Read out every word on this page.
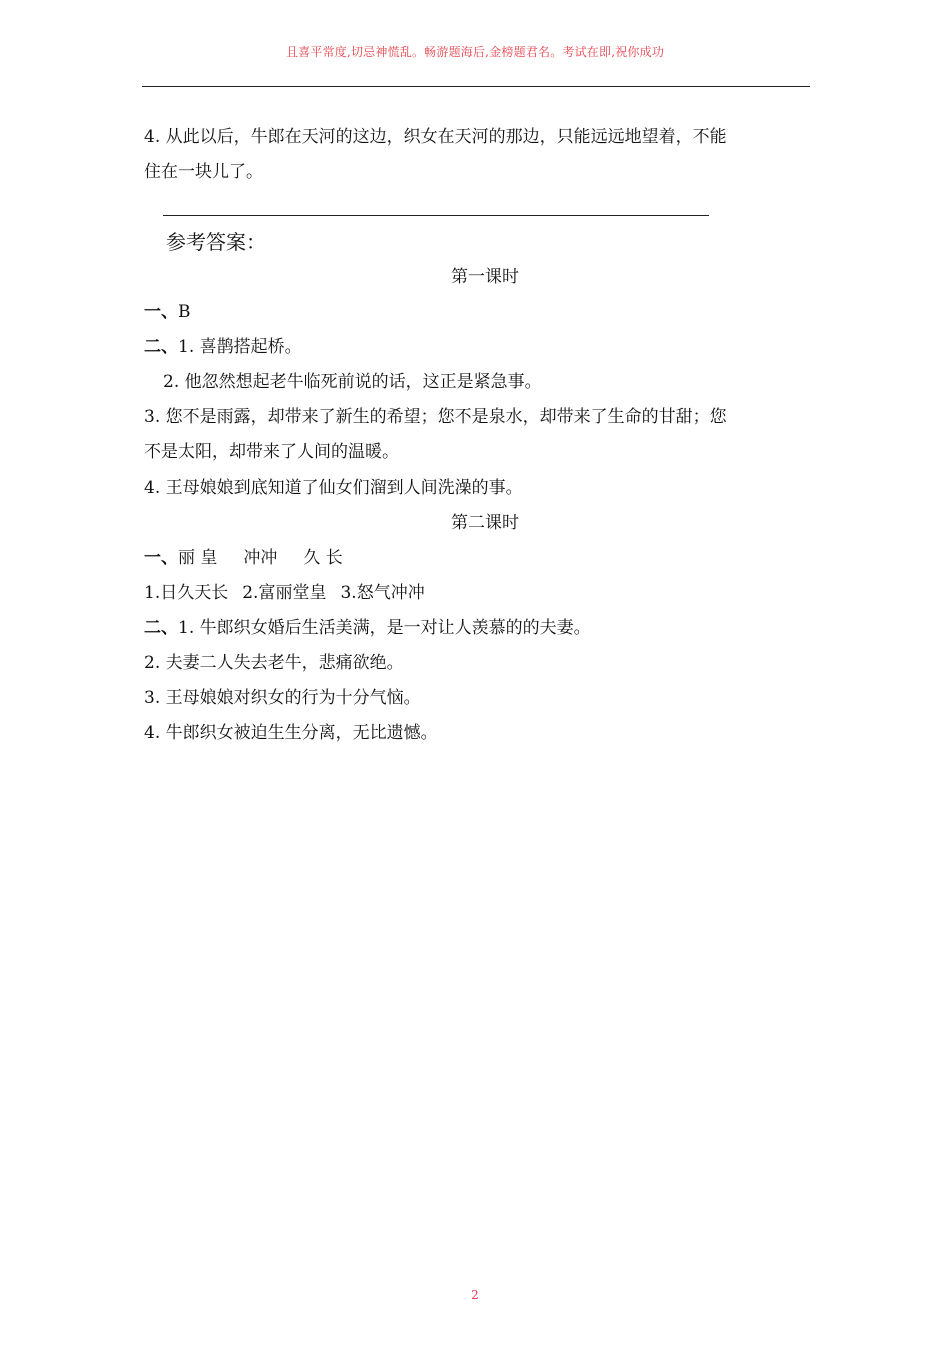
且喜平常度,切忌神慌乱。畅游题海后,金榜题君名。考试在即,祝你成功
4. 从此以后，牛郎在天河的这边，织女在天河的那边，只能远远地望着，不能
住在一块儿了。
参考答案：
第一课时
一、B
二、1. 喜鹊搭起桥。
2. 他忽然想起老牛临死前说的话，这正是紧急事。
3. 您不是雨露，却带来了新生的希望；您不是泉水，却带来了生命的甘甜；您
不是太阳，却带来了人间的温暖。
4. 王母娘娘到底知道了仙女们溜到人间洗澡的事。
第二课时
一、丽 皇 冲冲 久 长
1.日久天长 2.富丽堂皇 3.怒气冲冲
二、1. 牛郎织女婚后生活美满，是一对让人羡慕的的夫妻。
2. 夫妻二人失去老牛，悲痛欲绝。
3. 王母娘娘对织女的行为十分气恼。
4. 牛郎织女被迫生生分离，无比遗憾。
2
